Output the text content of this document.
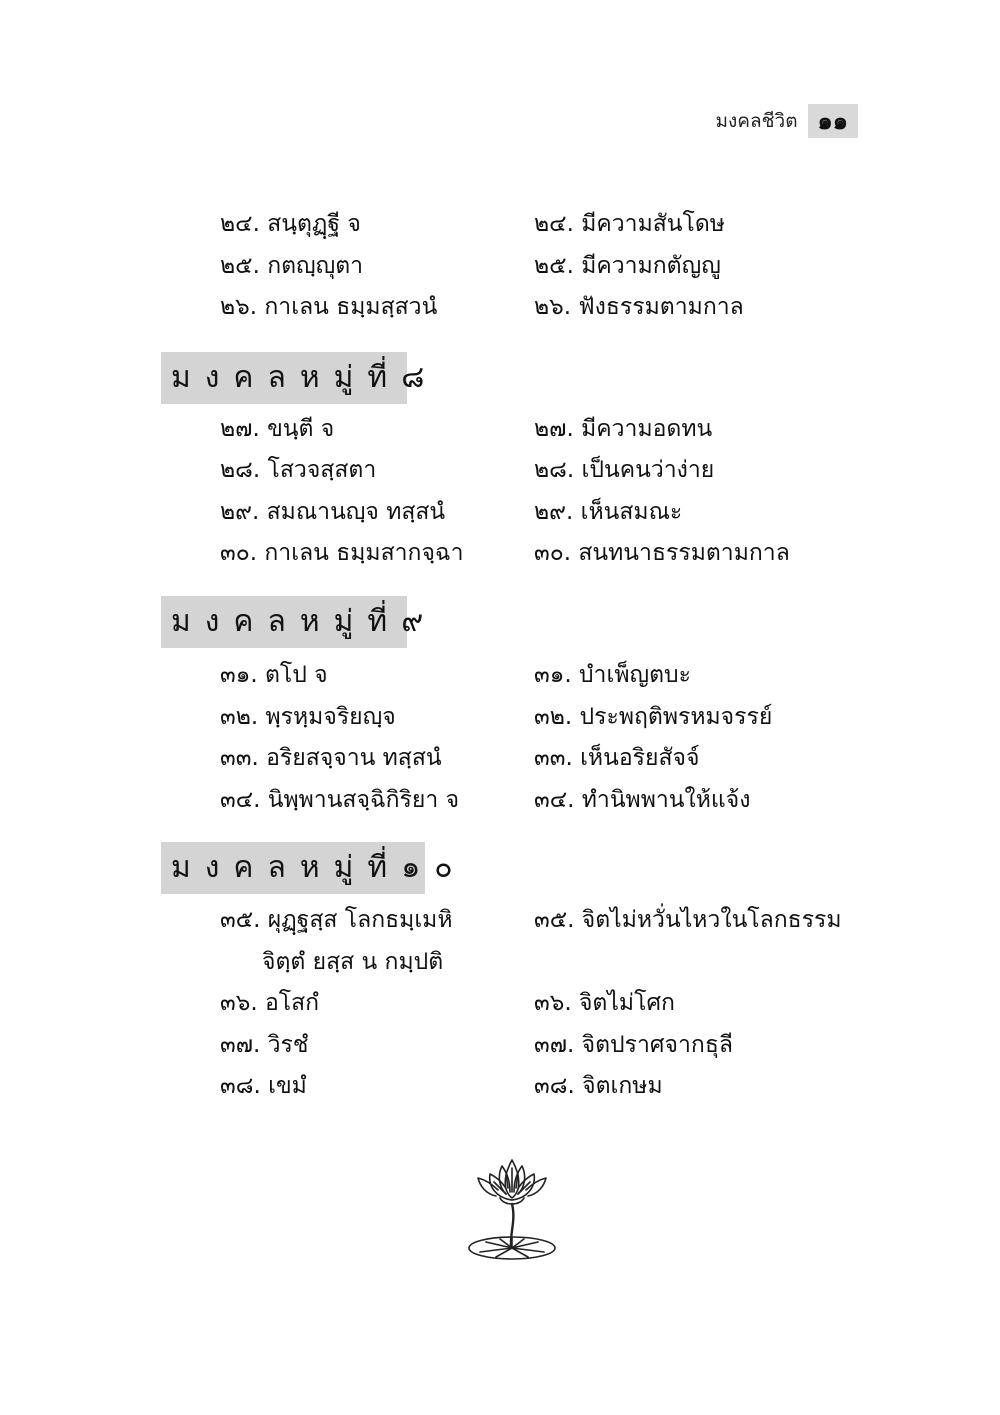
มงคลชีวิต ๑๑
๒๔. สนฺตุฏฺฐี จ	๒๔. มีความสันโดษ
๒๕. กตญฺญุตา	๒๕. มีความกตัญญู
๒๖. กาเลน ธมฺมสฺสวนํ	๒๖. ฟังธรรมตามกาล
มงคลหมู่ที่๘
๒๗. ขนฺตี จ	๒๗. มีความอดทน
๒๘. โสวจสฺสตา	๒๘. เป็นคนว่าง่าย
๒๙. สมณานญฺจ ทสฺสนํ	๒๙. เห็นสมณะ
๓๐. กาเลน ธมฺมสากจฺฉา	๓๐. สนทนาธรรมตามกาล
มงคลหมู่ที่๙
๓๑. ตโป จ	๓๑. บำเพ็ญตบะ
๓๒. พฺรหฺมจริยญฺจ	๓๒. ประพฤติพรหมจรรย์
๓๓. อริยสจฺจาน ทสฺสนํ	๓๓. เห็นอริยสัจจ์
๓๔. นิพฺพานสจฺฉิกิริยา จ	๓๔. ทำนิพพานให้แจ้ง
มงคลหมู่ที่๑๐
๓๕. ผุฏฺฐสฺส โลกธมฺเมหิ	๓๕. จิตไม่หวั่นไหวในโลกธรรม
จิตฺตํ ยสฺส น กมฺปติ
๓๖. อโสกํ	๓๖. จิตไม่โศก
๓๗. วิรชํ	๓๗. จิตปราศจากธุลี
๓๘. เขมํ	๓๘. จิตเกษม
